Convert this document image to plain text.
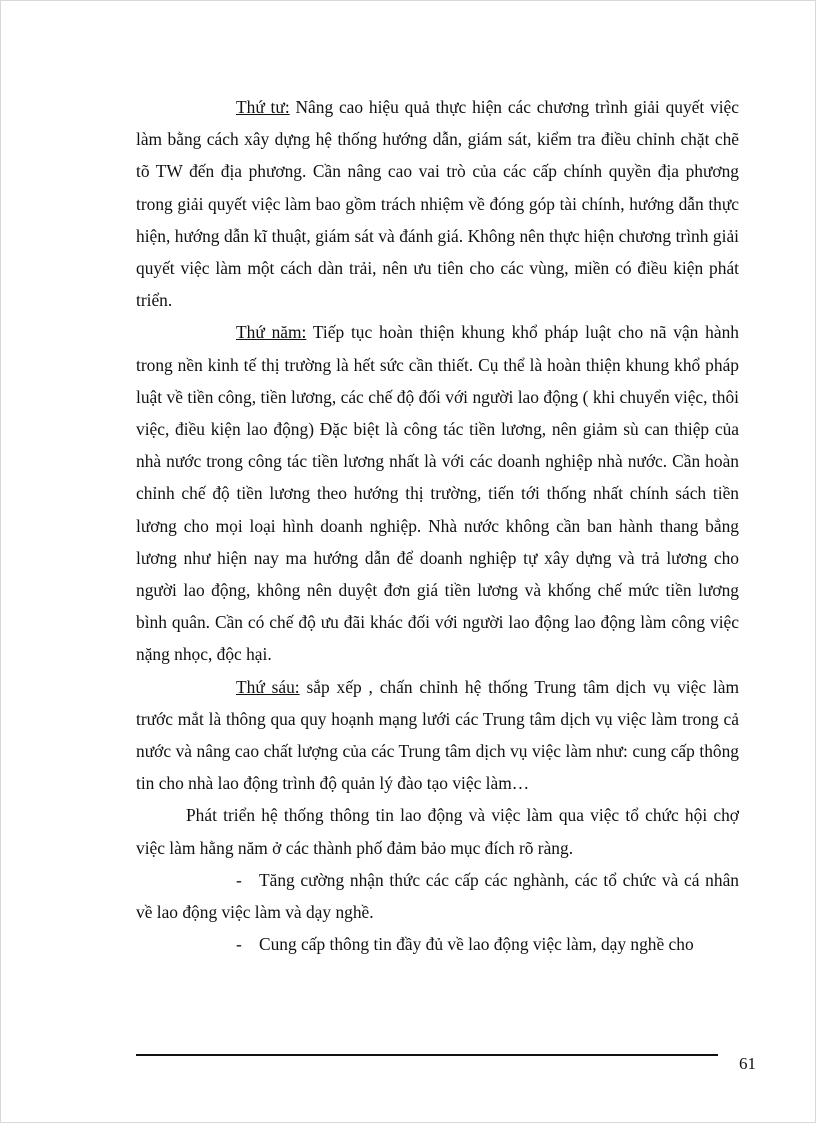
Thứ tư: Nâng cao hiệu quả thực hiện các chương trình giải quyết việc làm bằng cách xây dựng hệ thống hướng dẫn, giám sát, kiểm tra điều chỉnh chặt chẽ tõ TW đến địa phương. Cần nâng cao vai trò của các cấp chính quyền địa phương trong giải quyết việc làm bao gồm trách nhiệm về đóng góp tài chính, hướng dẫn thực hiện, hướng dẫn kĩ thuật, giám sát và đánh giá. Không nên thực hiện chương trình giải quyết việc làm một cách dàn trải, nên ưu tiên cho các vùng, miền có điều kiện phát triển.

Thứ năm: Tiếp tục hoàn thiện khung khổ pháp luật cho nã vận hành trong nền kinh tế thị trường là hết sức cần thiết. Cụ thể là hoàn thiện khung khổ pháp luật về tiền công, tiền lương, các chế độ đối với người lao động ( khi chuyển việc, thôi việc, điều kiện lao động) Đặc biệt là công tác tiền lương, nên giảm sù can thiệp của nhà nước trong công tác tiền lương nhất là với các doanh nghiệp nhà nước. Cần hoàn chỉnh chế độ tiền lương theo hướng thị trường, tiến tới thống nhất chính sách tiền lương cho mọi loại hình doanh nghiệp. Nhà nước không cần ban hành thang bẳng lương như hiện nay ma hướng dẫn để doanh nghiệp tự xây dựng và trả lương cho người lao động, không nên duyệt đơn giá tiền lương và khống chế mức tiền lương bình quân. Cần có chế độ ưu đãi khác đối với người lao động lao động làm công việc nặng nhọc, độc hại.

Thứ sáu: sắp xếp , chấn chỉnh hệ thống Trung tâm dịch vụ việc làm trước mắt là thông qua quy hoạnh mạng lưới các Trung tâm dịch vụ việc làm trong cả nước và nâng cao chất lượng của các Trung tâm dịch vụ việc làm như: cung cấp thông tin cho nhà lao động trình độ quản lý đào tạo việc làm…

Phát triển hệ thống thông tin lao động và việc làm qua việc tổ chức hội chợ việc làm hằng năm ở các thành phố đảm bảo mục đích rõ ràng.

- Tăng cường nhận thức các cấp các nghành, các tổ chức và cá nhân về lao động việc làm và dạy nghề.

- Cung cấp thông tin đầy đủ về lao động việc làm, dạy nghề cho

61
